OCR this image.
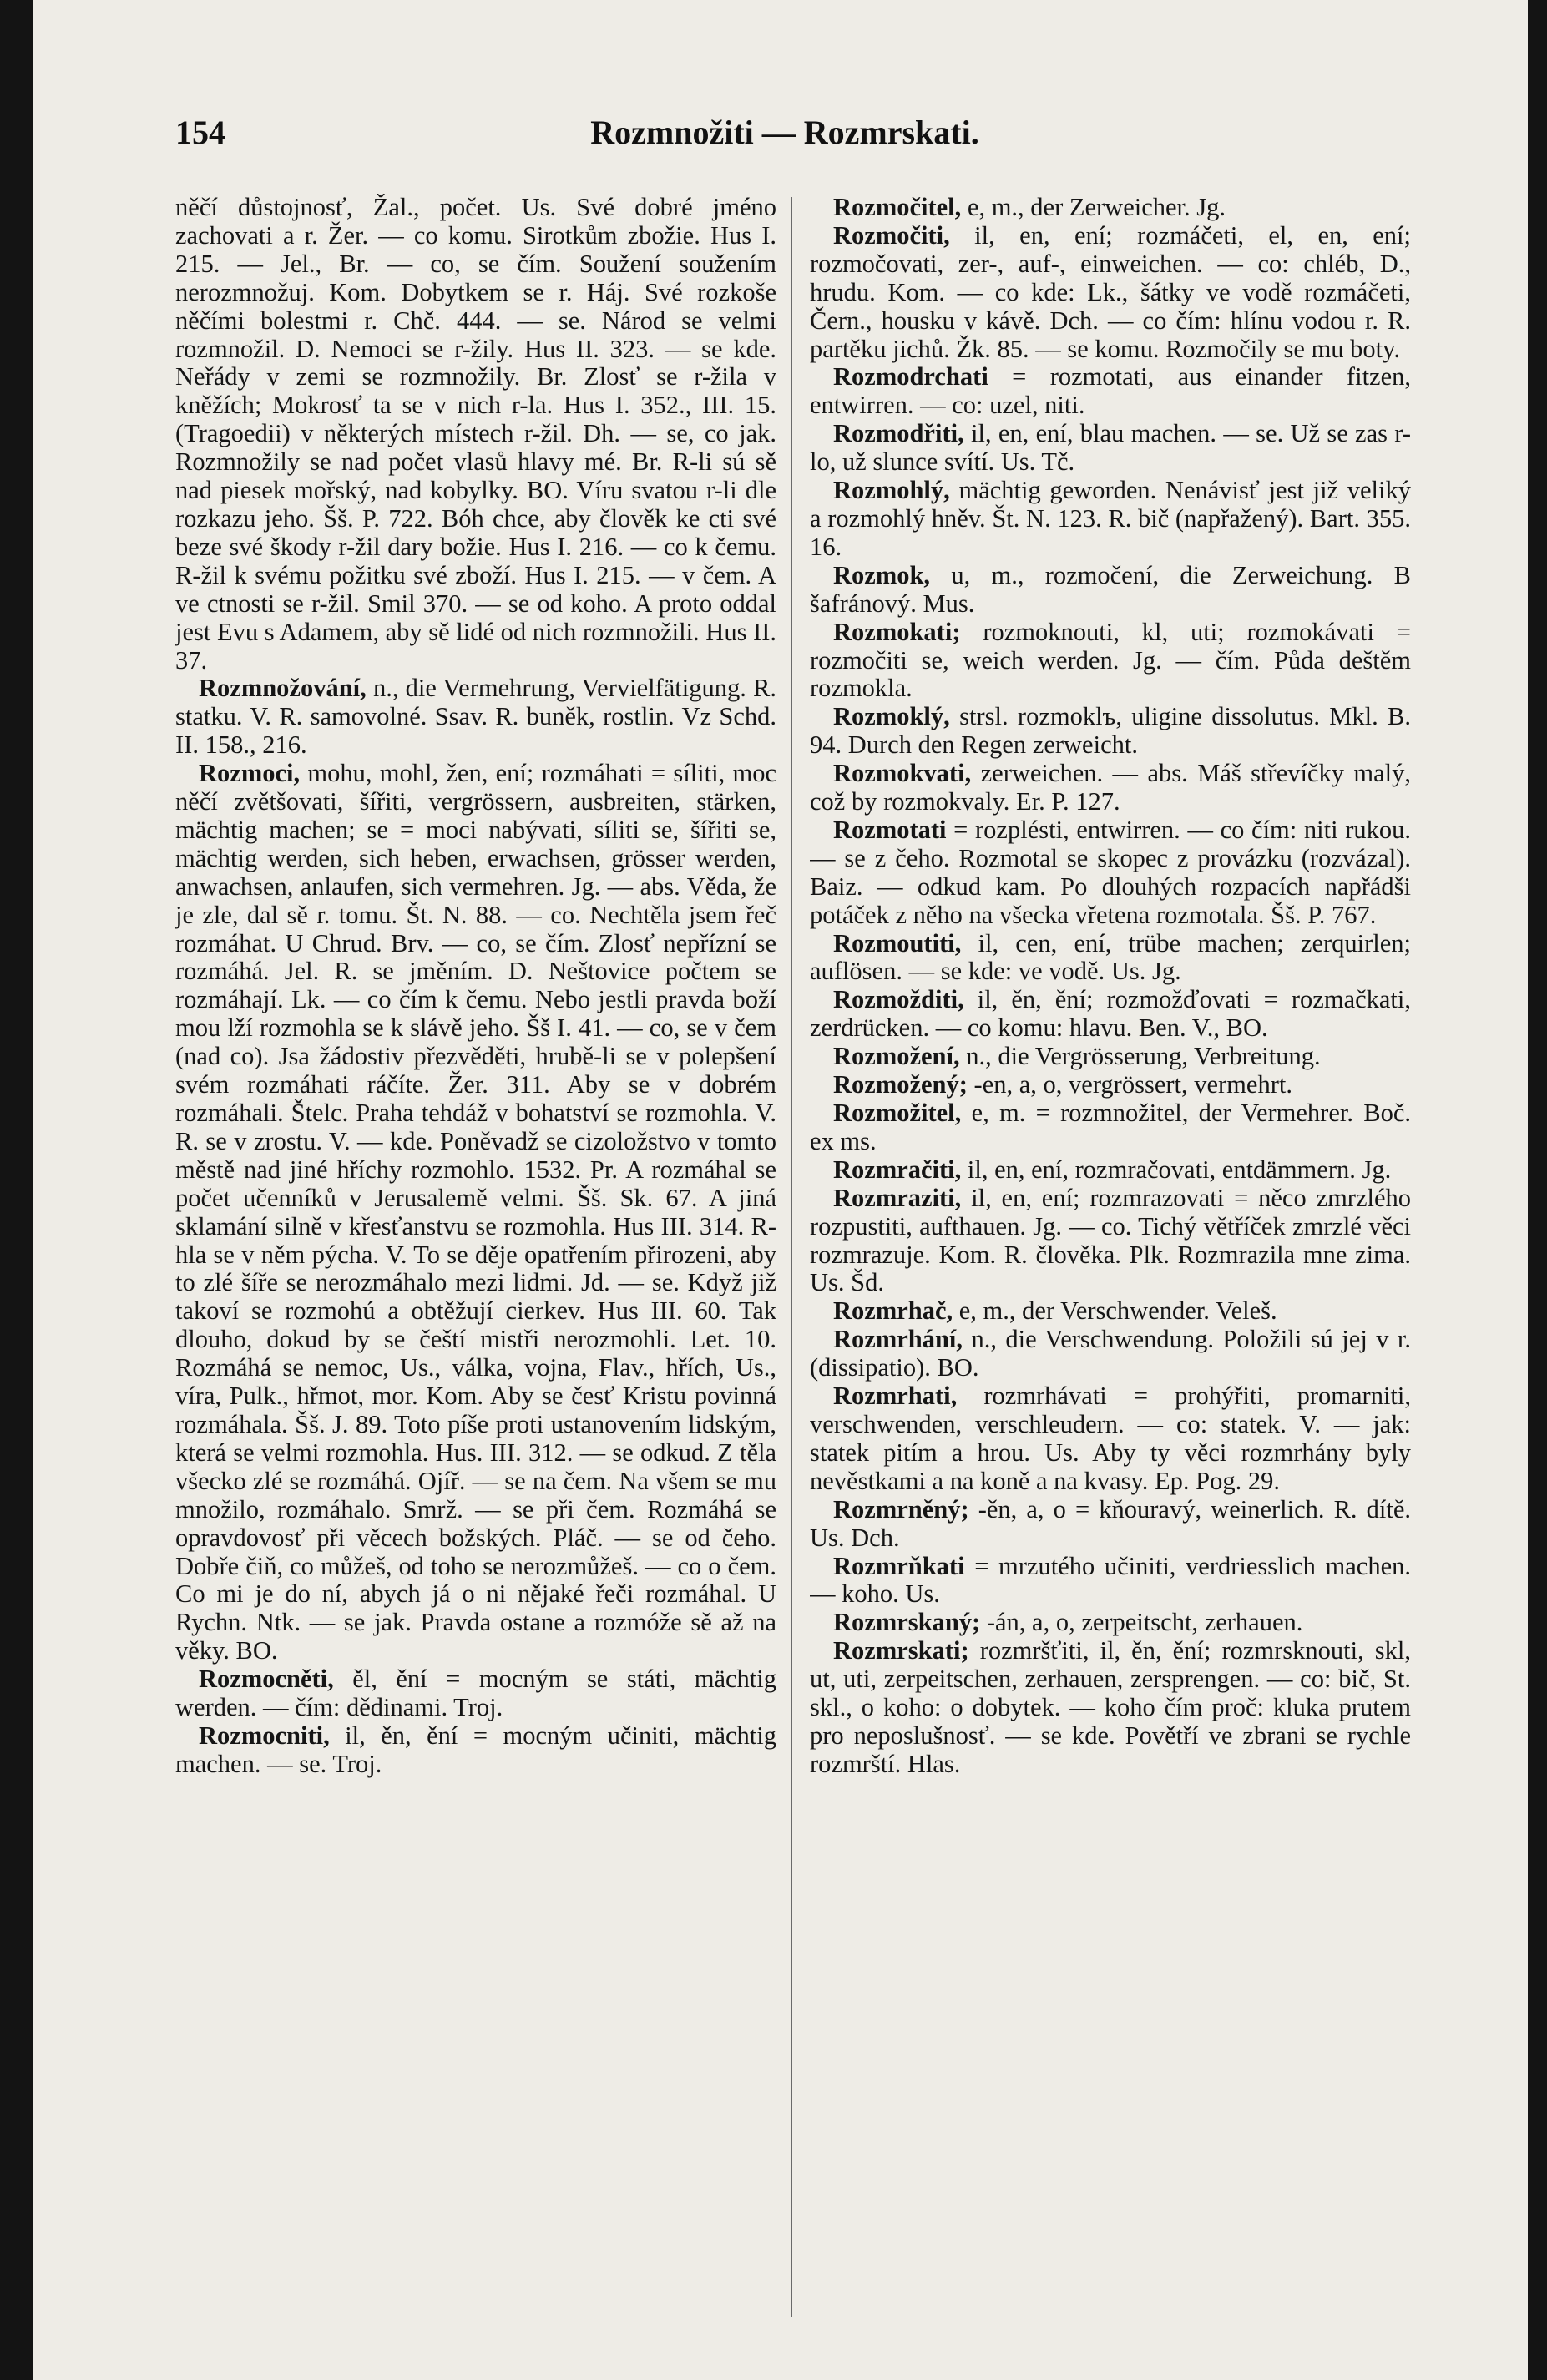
154	Rozmnožiti — Rozmrskati.

něčí důstojnosť, Žal., počet. Us. Své dobré jméno zachovati a r. Žer. — co komu. Sirotkům zbožie. Hus I. 215. — Jel., Br. — co, se čím. Soužení soužením nerozmnožuj. Kom. Dobytkem se r. Háj. Své rozkoše něčími bolestmi r. Chč. 444. — se. Národ se velmi rozmnožil. D. Nemoci se r-žily. Hus II. 323. — se kde. Neřády v zemi se rozmnožily. Br. Zlosť se r-žila v kněžích; Mokrosť ta se v nich r-la. Hus I. 352., III. 15. (Tragoedii) v některých místech r-žil. Dh. — se, co jak. Rozmnožily se nad počet vlasů hlavy mé. Br. R-li sú sě nad piesek mořský, nad kobylky. BO. Víru svatou r-li dle rozkazu jeho. Šš. P. 722. Bóh chce, aby člověk ke cti své beze své škody r-žil dary božie. Hus I. 216. — co k čemu. R-žil k svému požitku své zboží. Hus I. 215. — v čem. A ve ctnosti se r-žil. Smil 370. — se od koho. A proto oddal jest Evu s Adamem, aby sě lidé od nich rozmnožili. Hus II. 37.

Rozmnožování, n., die Vermehrung, Vervielfätigung. R. statku. V. R. samovolné. Ssav. R. buněk, rostlin. Vz Schd. II. 158., 216.

Rozmoci, mohu, mohl, žen, ení; rozmáhati = síliti, moc něčí zvětšovati, šířiti, vergrössern, ausbreiten, stärken, mächtig machen; se = moci nabývati, síliti se, šířiti se, mächtig werden, sich heben, erwachsen, grösser werden, anwachsen, anlaufen, sich vermehren. Jg. — abs. Věda, že je zle, dal sě r. tomu. Št. N. 88. — co. Nechtěla jsem řeč rozmáhat. U Chrud. Brv. — co, se čím. Zlosť nepřízní se rozmáhá. Jel. R. se jměním. D. Neštovice počtem se rozmáhají. Lk. — co čím k čemu. Nebo jestli pravda boží mou lží rozmohla se k slávě jeho. Šš I. 41. — co, se v čem (nad co). Jsa žádostiv přezvěděti, hrubě-li se v polepšení svém rozmáhati ráčíte. Žer. 311. Aby se v dobrém rozmáhali. Štelc. Praha tehdáž v bohatství se rozmohla. V. R. se v zrostu. V. — kde. Poněvadž se cizoložstvo v tomto městě nad jiné hříchy rozmohlo. 1532. Pr. A rozmáhal se počet učenníků v Jerusalemě velmi. Šš. Sk. 67. A jiná sklamání silně v křesťanstvu se rozmohla. Hus III. 314. R-hla se v něm pýcha. V. To se děje opatřením přirozeni, aby to zlé šíře se nerozmáhalo mezi lidmi. Jd. — se. Když již takoví se rozmohú a obtěžují cierkev. Hus III. 60. Tak dlouho, dokud by se čeští mistři nerozmohli. Let. 10. Rozmáhá se nemoc, Us., válka, vojna, Flav., hřích, Us., víra, Pulk., hřmot, mor. Kom. Aby se česť Kristu povinná rozmáhala. Šš. J. 89. Toto píše proti ustanovením lidským, která se velmi rozmohla. Hus. III. 312. — se odkud. Z těla všecko zlé se rozmáhá. Ojíř. — se na čem. Na všem se mu množilo, rozmáhalo. Smrž. — se při čem. Rozmáhá se opravdovosť při věcech božských. Pláč. — se od čeho. Dobře čiň, co můžeš, od toho se nerozmůžeš. — co o čem. Co mi je do ní, abych já o ni nějaké řeči rozmáhal. U Rychn. Ntk. — se jak. Pravda ostane a rozmóže sě až na věky. BO.

Rozmocněti, ěl, ění = mocným se státi, mächtig werden. — čím: dědinami. Troj.

Rozmocniti, il, ěn, ění = mocným učiniti, mächtig machen. — se. Troj.

Rozmočitel, e, m., der Zerweicher. Jg.

Rozmočiti, il, en, ení; rozmáčeti, el, en, ení; rozmočovati, zer-, auf-, einweichen. — co: chléb, D., hrudu. Kom. — co kde: Lk., šátky ve vodě rozmáčeti, Čern., housku v kávě. Dch. — co čím: hlínu vodou r. R. partěku jichů. Žk. 85. — se komu. Rozmočily se mu boty.

Rozmodrchati = rozmotati, aus einander fitzen, entwirren. — co: uzel, niti.

Rozmodřiti, il, en, ení, blau machen. — se. Už se zas r-lo, už slunce svítí. Us. Tč.

Rozmohlý, mächtig geworden. Nenávisť jest již veliký a rozmohlý hněv. Št. N. 123. R. bič (napřažený). Bart. 355. 16.

Rozmok, u, m., rozmočení, die Zerweichung. B šafránový. Mus.

Rozmokati; rozmoknouti, kl, uti; rozmokávati = rozmočiti se, weich werden. Jg. — čím. Půda deštěm rozmokla.

Rozmoklý, strsl. rozmoklъ, uligine dissolutus. Mkl. B. 94. Durch den Regen zerweicht.

Rozmokvati, zerweichen. — abs. Máš střevíčky malý, což by rozmokvaly. Er. P. 127.

Rozmotati = rozplésti, entwirren. — co čím: niti rukou. — se z čeho. Rozmotal se skopec z provázku (rozvázal). Baiz. — odkud kam. Po dlouhých rozpacích napřádši potáček z něho na všecka vřetena rozmotala. Šš. P. 767.

Rozmoutiti, il, cen, ení, trübe machen; zerquirlen; auflösen. — se kde: ve vodě. Us. Jg.

Rozmožditi, il, ěn, ění; rozmožďovati = rozmačkati, zerdrücken. — co komu: hlavu. Ben. V., BO.

Rozmožení, n., die Vergrösserung, Verbreitung.

Rozmožený; -en, a, o, vergrössert, vermehrt.

Rozmožitel, e, m. = rozmnožitel, der Vermehrer. Boč. ex ms.

Rozmračiti, il, en, ení, rozmračovati, entdämmern. Jg.

Rozmraziti, il, en, ení; rozmrazovati = něco zmrzlého rozpustiti, aufthauen. Jg. — co. Tichý větříček zmrzlé věci rozmrazuje. Kom. R. člověka. Plk. Rozmrazila mne zima. Us. Šd.

Rozmrhač, e, m., der Verschwender. Veleš.

Rozmrhání, n., die Verschwendung. Položili sú jej v r. (dissipatio). BO.

Rozmrhati, rozmrhávati = prohýřiti, promarniti, verschwenden, verschleudern. — co: statek. V. — jak: statek pitím a hrou. Us. Aby ty věci rozmrhány byly nevěstkami a na koně a na kvasy. Ep. Pog. 29.

Rozmrněný; -ěn, a, o = kňouravý, weinerlich. R. dítě. Us. Dch.

Rozmrňkati = mrzutého učiniti, verdriesslich machen. — koho. Us.

Rozmrskaný; -án, a, o, zerpeitscht, zerhauen.

Rozmrskati; rozmršťiti, il, ěn, ění; rozmrsknouti, skl, ut, uti, zerpeitschen, zerhauen, zersprengen. — co: bič, St. skl., o koho: o dobytek. — koho čím proč: kluka prutem pro neposlušnosť. — se kde. Povětří ve zbrani se rychle rozmrští. Hlas.
